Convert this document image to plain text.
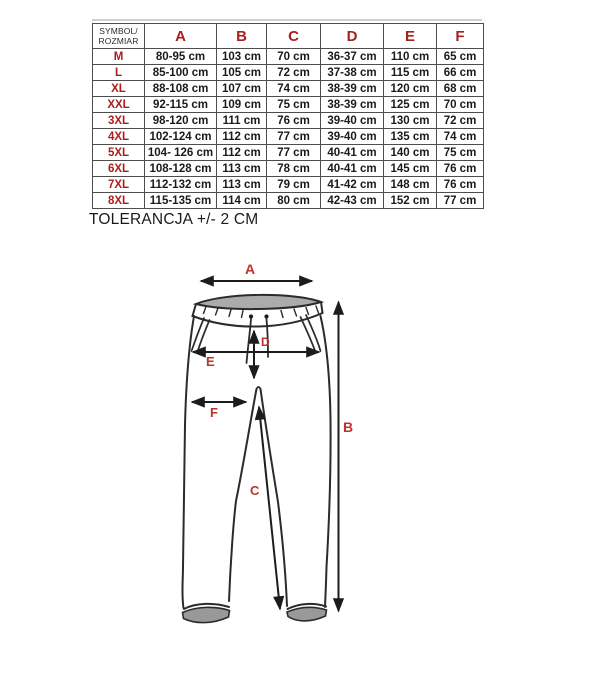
SYMBOL/
ROZMIAR	A	B	C	D	E	F
M	80-95 cm	103 cm	70 cm	36-37 cm	110 cm	65 cm
L	85-100 cm	105 cm	72 cm	37-38 cm	115 cm	66 cm
XL	88-108 cm	107 cm	74 cm	38-39 cm	120 cm	68 cm
XXL	92-115 cm	109 cm	75 cm	38-39 cm	125 cm	70 cm
3XL	98-120 cm	111 cm	76 cm	39-40 cm	130 cm	72 cm
4XL	102-124 cm	112 cm	77 cm	39-40 cm	135 cm	74 cm
5XL	104- 126 cm	112 cm	77 cm	40-41 cm	140 cm	75 cm
6XL	108-128 cm	113 cm	78 cm	40-41 cm	145 cm	76 cm
7XL	112-132 cm	113 cm	79 cm	41-42 cm	148 cm	76 cm
8XL	115-135 cm	114 cm	80 cm	42-43 cm	152 cm	77 cm
TOLERANCJA +/- 2 CM
A
B
C
D
E
F
